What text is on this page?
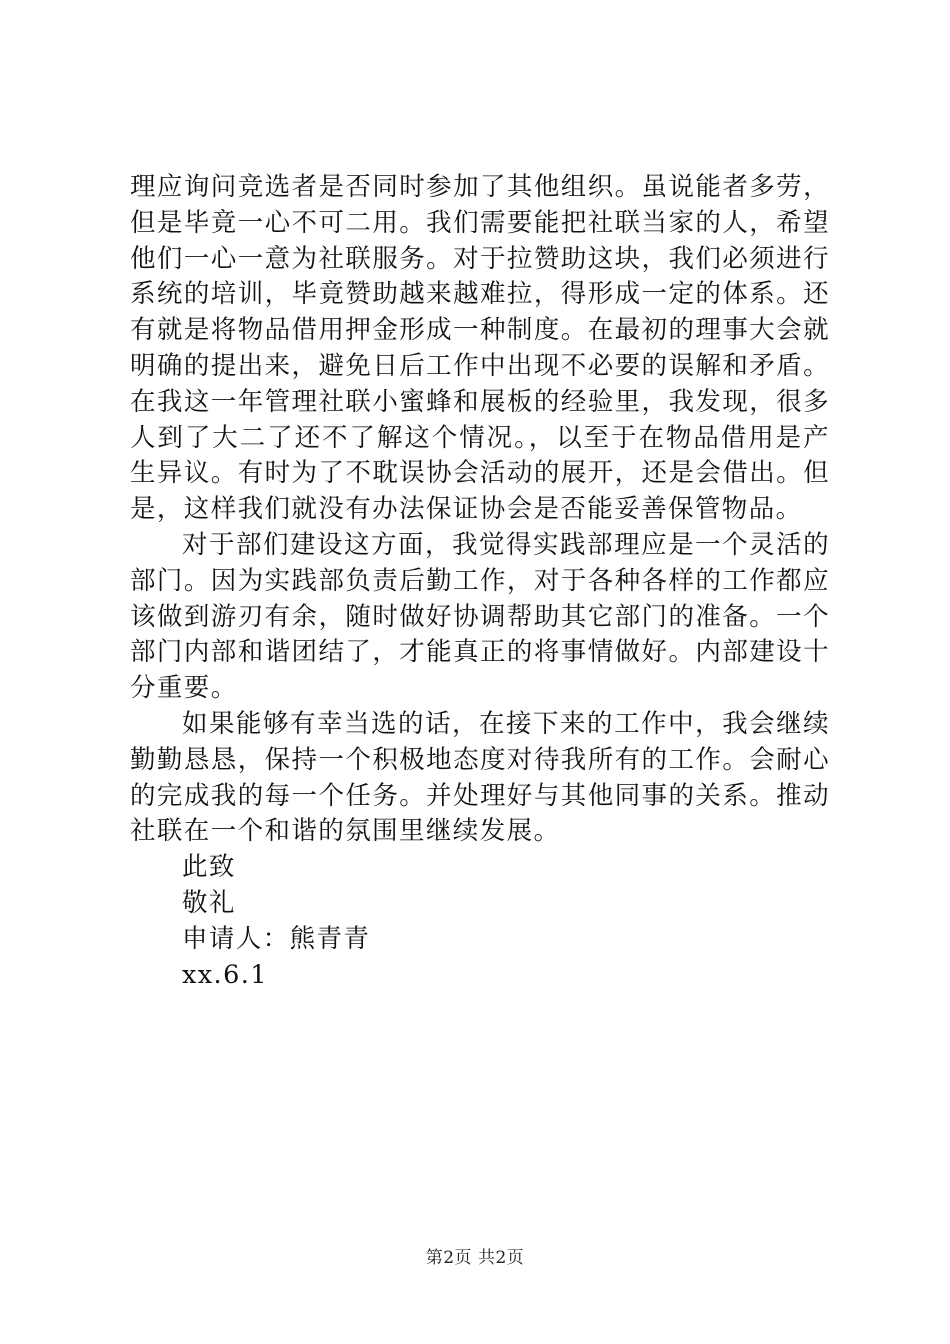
理应询问竞选者是否同时参加了其他组织。虽说能者多劳，但是毕竟一心不可二用。我们需要能把社联当家的人，希望他们一心一意为社联服务。对于拉赞助这块，我们必须进行系统的培训，毕竟赞助越来越难拉，得形成一定的体系。还有就是将物品借用押金形成一种制度。在最初的理事大会就明确的提出来，避免日后工作中出现不必要的误解和矛盾。在我这一年管理社联小蜜蜂和展板的经验里，我发现，很多人到了大二了还不了解这个情况。，以至于在物品借用是产生异议。有时为了不耽误协会活动的展开，还是会借出。但是，这样我们就没有办法保证协会是否能妥善保管物品。

对于部们建设这方面，我觉得实践部理应是一个灵活的部门。因为实践部负责后勤工作，对于各种各样的工作都应该做到游刃有余，随时做好协调帮助其它部门的准备。一个部门内部和谐团结了，才能真正的将事情做好。内部建设十分重要。

如果能够有幸当选的话，在接下来的工作中，我会继续勤勤恳恳，保持一个积极地态度对待我所有的工作。会耐心的完成我的每一个任务。并处理好与其他同事的关系。推动社联在一个和谐的氛围里继续发展。

此致

敬礼

申请人：熊青青

xx.6.1

第2页 共2页
